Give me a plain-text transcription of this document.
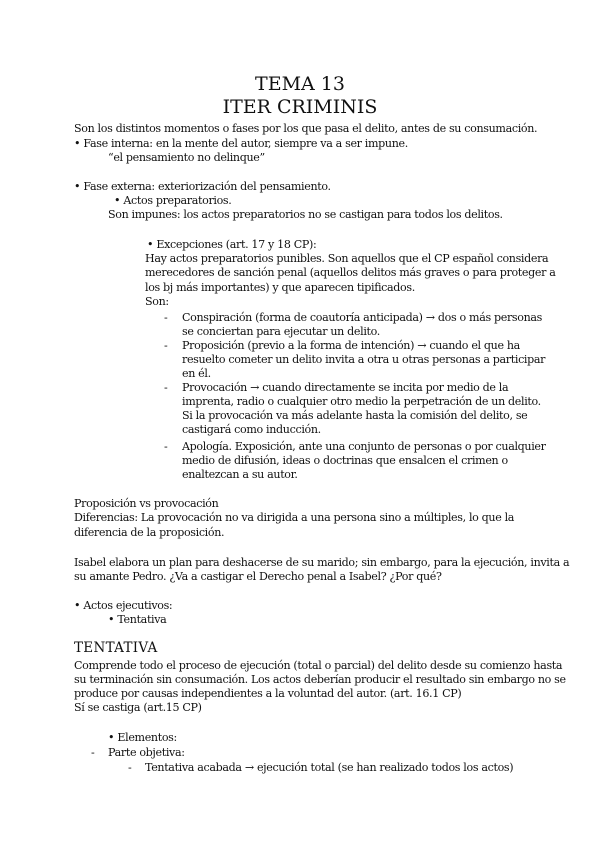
TEMA 13
ITER CRIMINIS
Son los distintos momentos o fases por los que pasa el delito, antes de su consumación.
• Fase interna: en la mente del autor, siempre va a ser impune.
“el pensamiento no delinque”
• Fase externa: exteriorización del pensamiento.
• Actos preparatorios.
Son impunes: los actos preparatorios no se castigan para todos los delitos.
• Excepciones (art. 17 y 18 CP):
Hay actos preparatorios punibles. Son aquellos que el CP español considera
merecedores de sanción penal (aquellos delitos más graves o para proteger a
los bj más importantes) y que aparecen tipificados.
Son:
- Conspiración (forma de coautoría anticipada) → dos o más personas
se conciertan para ejecutar un delito.
- Proposición (previo a la forma de intención) → cuando el que ha
resuelto cometer un delito invita a otra u otras personas a participar
en él.
- Provocación → cuando directamente se incita por medio de la
imprenta, radio o cualquier otro medio la perpetración de un delito.
Si la provocación va más adelante hasta la comisión del delito, se
castigará como inducción.
- Apología. Exposición, ante una conjunto de personas o por cualquier
medio de difusión, ideas o doctrinas que ensalcen el crimen o
enaltezcan a su autor.
Proposición vs provocación
Diferencias: La provocación no va dirigida a una persona sino a múltiples, lo que la
diferencia de la proposición.
Isabel elabora un plan para deshacerse de su marido; sin embargo, para la ejecución, invita a
su amante Pedro. ¿Va a castigar el Derecho penal a Isabel? ¿Por qué?
• Actos ejecutivos:
• Tentativa
TENTATIVA
Comprende todo el proceso de ejecución (total o parcial) del delito desde su comienzo hasta
su terminación sin consumación. Los actos deberían producir el resultado sin embargo no se
produce por causas independientes a la voluntad del autor. (art. 16.1 CP)
Sí se castiga (art.15 CP)
• Elementos:
- Parte objetiva:
- Tentativa acabada → ejecución total (se han realizado todos los actos)
